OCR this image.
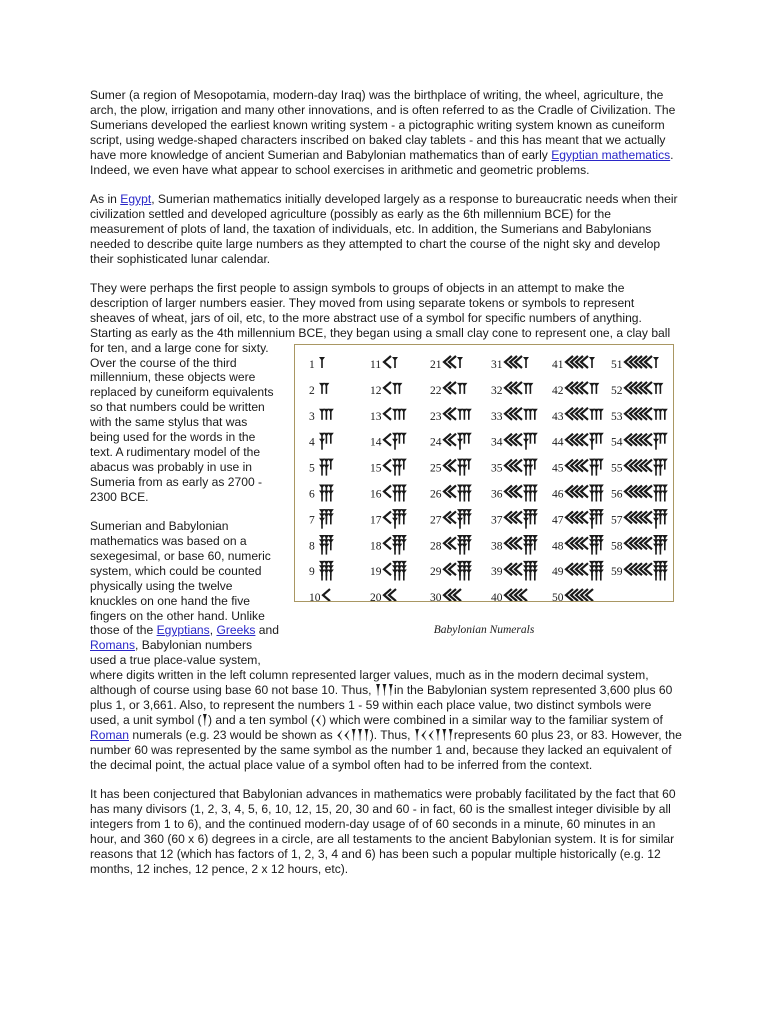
Sumer (a region of Mesopotamia, modern-day Iraq) was the birthplace of writing, the wheel, agriculture, the arch, the plow, irrigation and many other innovations, and is often referred to as the Cradle of Civilization. The Sumerians developed the earliest known writing system - a pictographic writing system known as cuneiform script, using wedge-shaped characters inscribed on baked clay tablets - and this has meant that we actually have more knowledge of ancient Sumerian and Babylonian mathematics than of early Egyptian mathematics. Indeed, we even have what appear to school exercises in arithmetic and geometric problems.

As in Egypt, Sumerian mathematics initially developed largely as a response to bureaucratic needs when their civilization settled and developed agriculture (possibly as early as the 6th millennium BCE) for the measurement of plots of land, the taxation of individuals, etc. In addition, the Sumerians and Babylonians needed to describe quite large numbers as they attempted to chart the course of the night sky and develop their sophisticated lunar calendar.

They were perhaps the first people to assign symbols to groups of objects in an attempt to make the description of larger numbers easier. They moved from using separate tokens or symbols to represent sheaves of wheat, jars of oil, etc, to the more abstract use of a symbol for specific numbers of anything. Starting as early as the 4th millennium BCE, they began using a small clay cone to represent one, a clay
1
2
3
4
5
6
7
8
9
10
11
12
13
14
15
16
17
18
19
20
21
22
23
24
25
26
27
28
29
30
31
32
33
34
35
36
37
38
39
40
41
42
43
44
45
46
47
48
49
50
51
52
53
54
55
56
57
58
59
Babylonian Numerals
ball for ten, and a large cone for sixty. Over the course of the third millennium, these objects were replaced by cuneiform equivalents so that numbers could be written with the same stylus that was being used for the words in the text. A rudimentary model of the abacus was probably in use in Sumeria from as early as 2700 - 2300 BCE.

Sumerian and Babylonian mathematics was based on a sexegesimal, or base 60, numeric system, which could be counted physically using the twelve knuckles on one hand the five fingers on the other hand. Unlike those of the Egyptians, Greeks and Romans, Babylonian numbers used a true place-value system, where digits written in the left column represented larger values, much as in the modern decimal system, although of course using base 60 not base 10. Thus, 𒐕𒐕𒐕in the Babylonian system represented 3,600 plus 60 plus 1, or 3,661. Also, to represent the numbers 1 - 59 within each place value, two distinct symbols were used, a unit symbol (𒐕) and a ten symbol (𒌋) which were combined in a similar way to the familiar system of Roman numerals (e.g. 23 would be shown as 𒌋𒌋𒐕𒐕𒐕). Thus, 𒐕𒌋𒌋𒐕𒐕𒐕represents 60 plus 23, or 83. However, the number 60 was represented by the same symbol as the number 1 and, because they lacked an equivalent of the decimal point, the actual place value of a symbol often had to be inferred from the context.

It has been conjectured that Babylonian advances in mathematics were probably facilitated by the fact that 60 has many divisors (1, 2, 3, 4, 5, 6, 10, 12, 15, 20, 30 and 60 - in fact, 60 is the smallest integer divisible by all integers from 1 to 6), and the continued modern-day usage of of 60 seconds in a minute, 60 minutes in an hour, and 360 (60 x 6) degrees in a circle, are all testaments to the ancient Babylonian system. It is for similar reasons that 12 (which has factors of 1, 2, 3, 4 and 6) has been such a popular multiple historically (e.g. 12 months, 12 inches, 12 pence, 2 x 12 hours, etc).
